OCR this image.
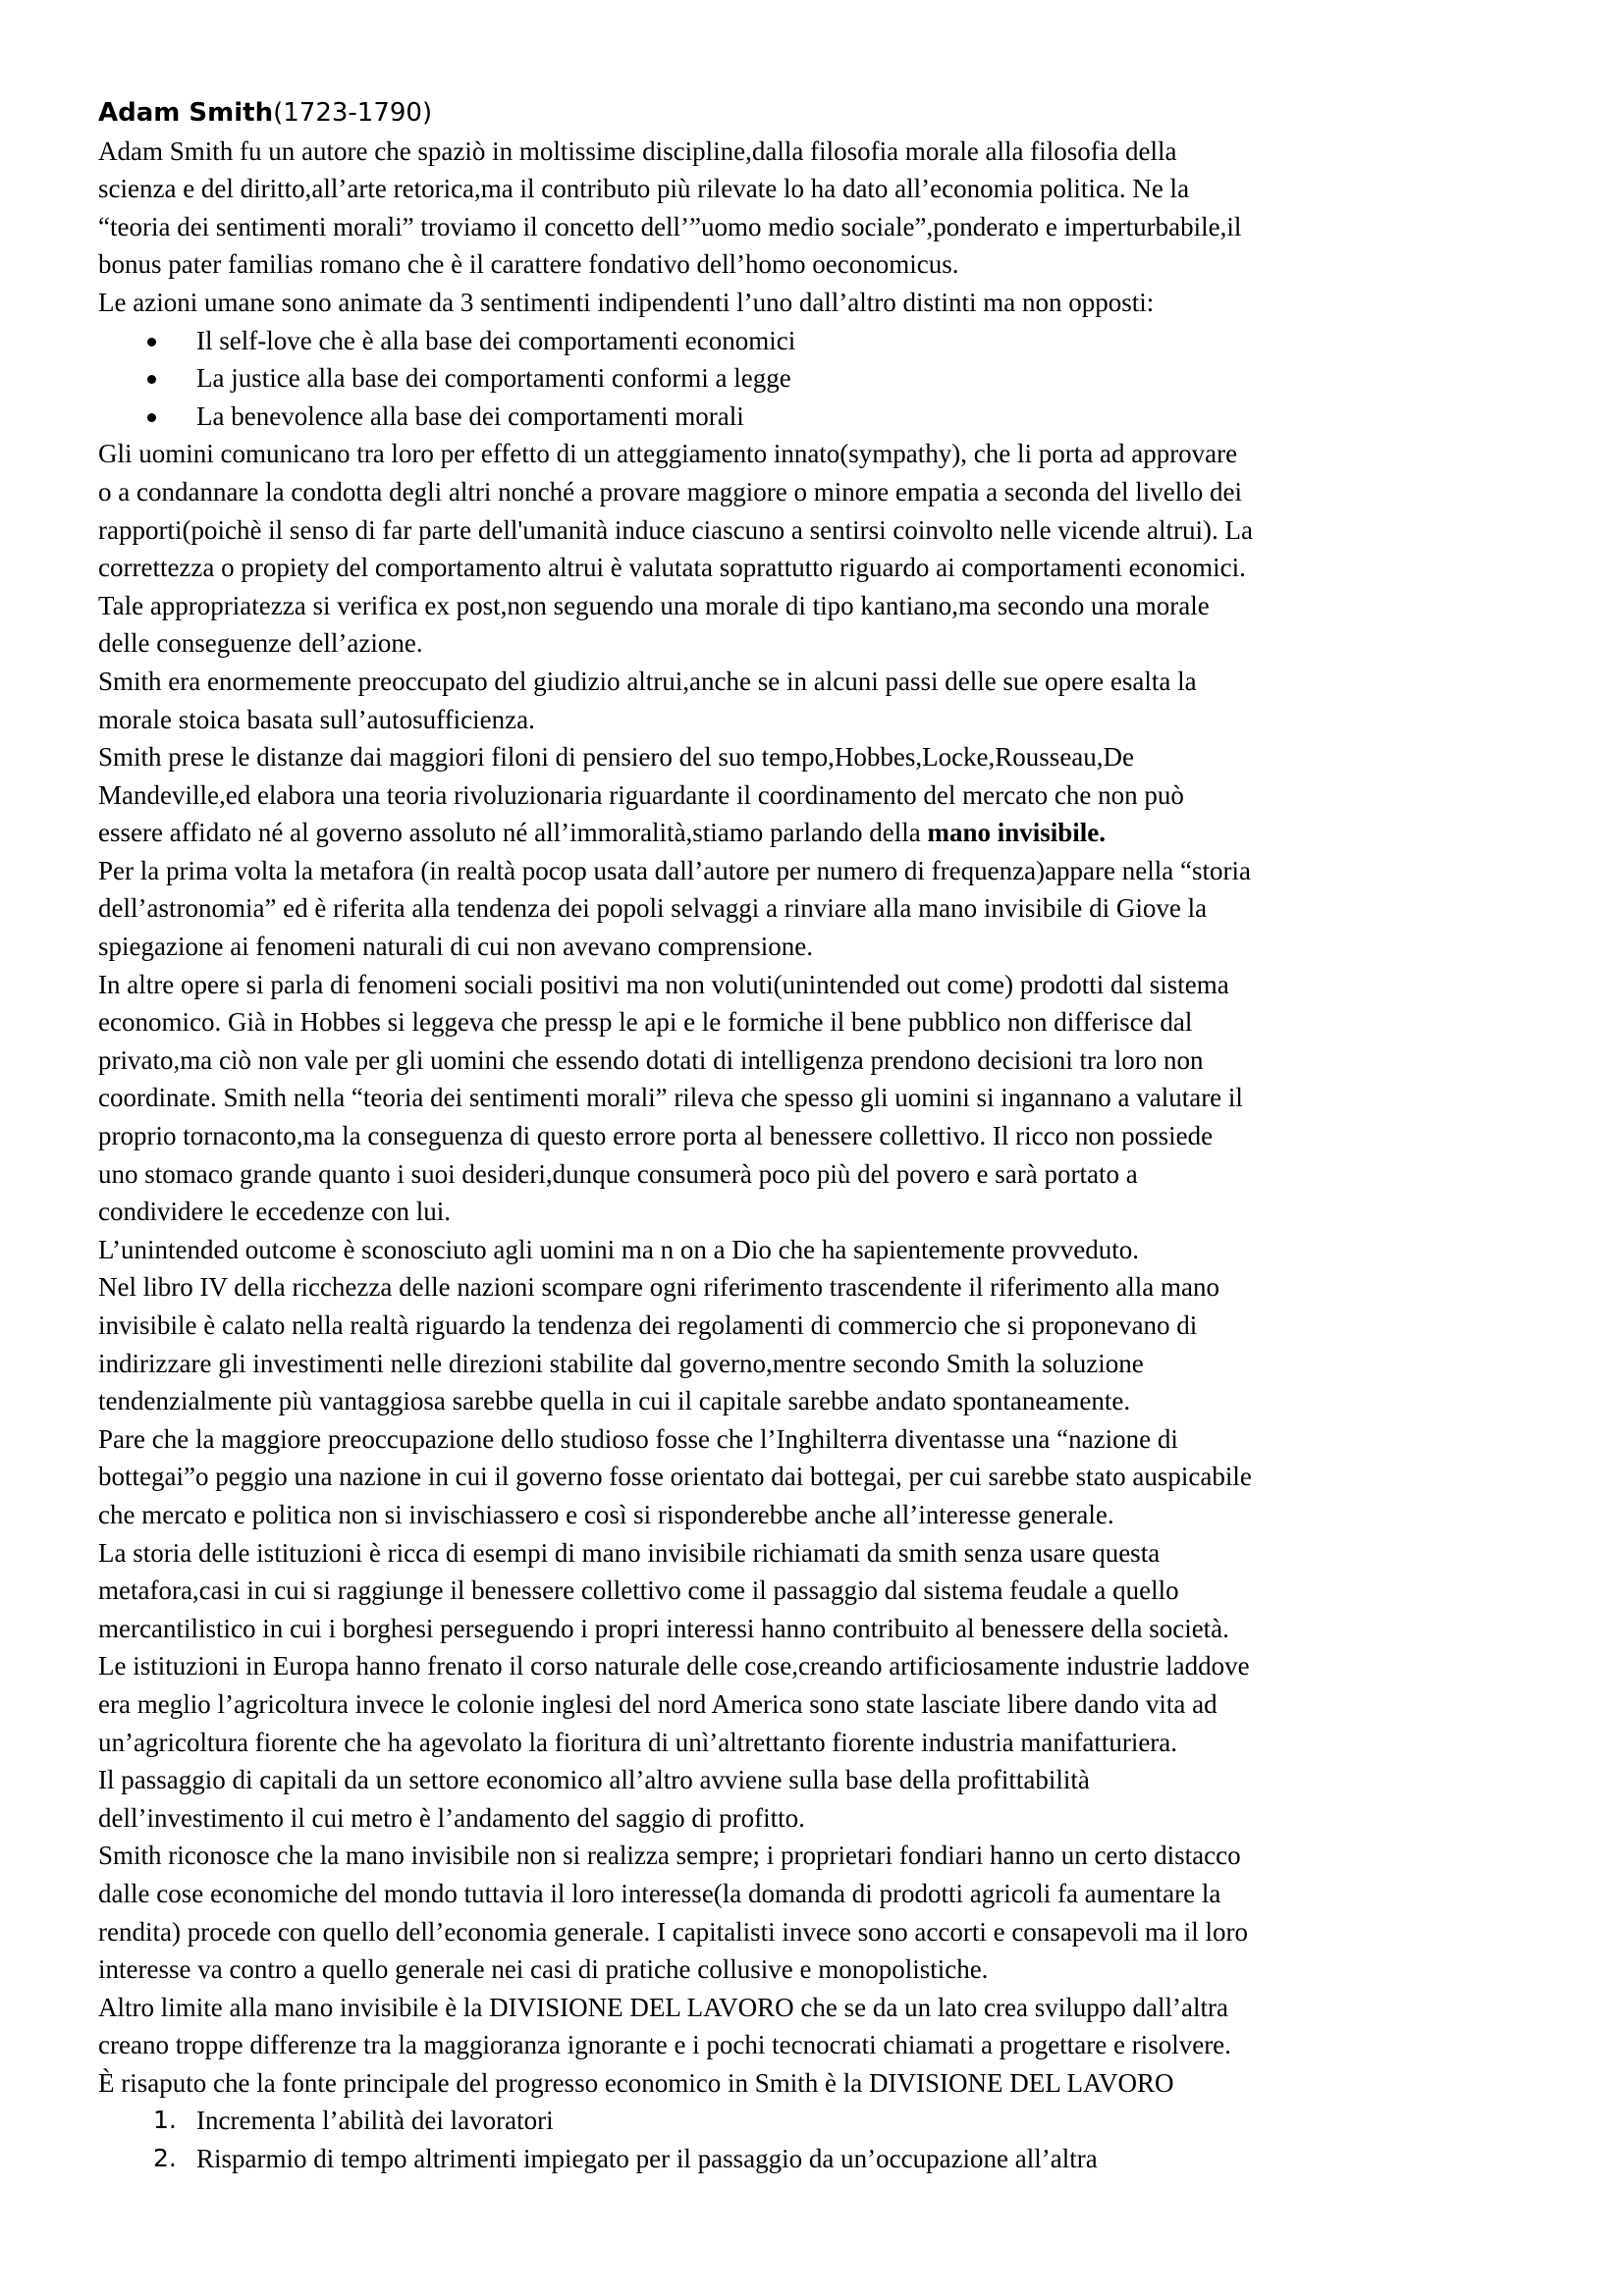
Adam Smith(1723-1790)
Adam Smith fu un autore che spaziò in moltissime discipline,dalla filosofia morale alla filosofia della
scienza e del diritto,all’arte retorica,ma il contributo più rilevate lo ha dato all’economia politica. Ne la
“teoria dei sentimenti morali” troviamo il concetto dell’”uomo medio sociale”,ponderato e imperturbabile,il
bonus pater familias romano che è il carattere fondativo dell’homo oeconomicus.
Le azioni umane sono animate da 3 sentimenti indipendenti l’uno dall’altro distinti ma non opposti:
Il self-love che è alla base dei comportamenti economici
La justice alla base dei comportamenti conformi a legge
La benevolence alla base dei comportamenti morali
Gli uomini comunicano tra loro per effetto di un atteggiamento innato(sympathy), che li porta ad approvare
o a condannare la condotta degli altri nonché a provare maggiore o minore empatia a seconda del livello dei
rapporti(poichè il senso di far parte dell'umanità induce ciascuno a sentirsi coinvolto nelle vicende altrui). La
correttezza o propiety del comportamento altrui è valutata soprattutto riguardo ai comportamenti economici.
Tale appropriatezza si verifica ex post,non seguendo una morale di tipo kantiano,ma secondo una morale
delle conseguenze dell’azione.
Smith era enormemente preoccupato del giudizio altrui,anche se in alcuni passi delle sue opere esalta la
morale stoica basata sull’autosufficienza.
Smith prese le distanze dai maggiori filoni di pensiero del suo tempo,Hobbes,Locke,Rousseau,De
Mandeville,ed elabora una teoria rivoluzionaria riguardante il coordinamento del mercato che non può
essere affidato né al governo assoluto né all’immoralità,stiamo parlando della mano invisibile.
Per la prima volta la metafora (in realtà pocop usata dall’autore per numero di frequenza)appare nella “storia
dell’astronomia” ed è riferita alla tendenza dei popoli selvaggi a rinviare alla mano invisibile di Giove la
spiegazione ai fenomeni naturali di cui non avevano comprensione.
In altre opere si parla di fenomeni sociali positivi ma non voluti(unintended out come) prodotti dal sistema
economico. Già in Hobbes si leggeva che pressp le api e le formiche il bene pubblico non differisce dal
privato,ma ciò non vale per gli uomini che essendo dotati di intelligenza prendono decisioni tra loro non
coordinate. Smith nella “teoria dei sentimenti morali” rileva che spesso gli uomini si ingannano a valutare il
proprio tornaconto,ma la conseguenza di questo errore porta al benessere collettivo. Il ricco non possiede
uno stomaco grande quanto i suoi desideri,dunque consumerà poco più del povero e sarà portato a
condividere le eccedenze con lui.
L’unintended outcome è sconosciuto agli uomini ma n on a Dio che ha sapientemente provveduto.
Nel libro IV della ricchezza delle nazioni scompare ogni riferimento trascendente il riferimento alla mano
invisibile è calato nella realtà riguardo la tendenza dei regolamenti di commercio che si proponevano di
indirizzare gli investimenti nelle direzioni stabilite dal governo,mentre secondo Smith la soluzione
tendenzialmente più vantaggiosa sarebbe quella in cui il capitale sarebbe andato spontaneamente.
Pare che la maggiore preoccupazione dello studioso fosse che l’Inghilterra diventasse una “nazione di
bottegai”o peggio una nazione in cui il governo fosse orientato dai bottegai, per cui sarebbe stato auspicabile
che mercato e politica non si invischiassero e così si risponderebbe anche all’interesse generale.
La storia delle istituzioni è ricca di esempi di mano invisibile richiamati da smith senza usare questa
metafora,casi in cui si raggiunge il benessere collettivo come il passaggio dal sistema feudale a quello
mercantilistico in cui i borghesi perseguendo i propri interessi hanno contribuito al benessere della società.
Le istituzioni in Europa hanno frenato il corso naturale delle cose,creando artificiosamente industrie laddove
era meglio l’agricoltura invece le colonie inglesi del nord America sono state lasciate libere dando vita ad
un’agricoltura fiorente che ha agevolato la fioritura di unì’altrettanto fiorente industria manifatturiera.
Il passaggio di capitali da un settore economico all’altro avviene sulla base della profittabilità
dell’investimento il cui metro è l’andamento del saggio di profitto.
Smith riconosce che la mano invisibile non si realizza sempre; i proprietari fondiari hanno un certo distacco
dalle cose economiche del mondo tuttavia il loro interesse(la domanda di prodotti agricoli fa aumentare la
rendita) procede con quello dell’economia generale. I capitalisti invece sono accorti e consapevoli ma il loro
interesse va contro a quello generale nei casi di pratiche collusive e monopolistiche.
Altro limite alla mano invisibile è la DIVISIONE DEL LAVORO che se da un lato crea sviluppo dall’altra
creano troppe differenze tra la maggioranza ignorante e i pochi tecnocrati chiamati a progettare e risolvere.
È risaputo che la fonte principale del progresso economico in Smith è la DIVISIONE DEL LAVORO
1. Incrementa l’abilità dei lavoratori
2. Risparmio di tempo altrimenti impiegato per il passaggio da un’occupazione all’altra
